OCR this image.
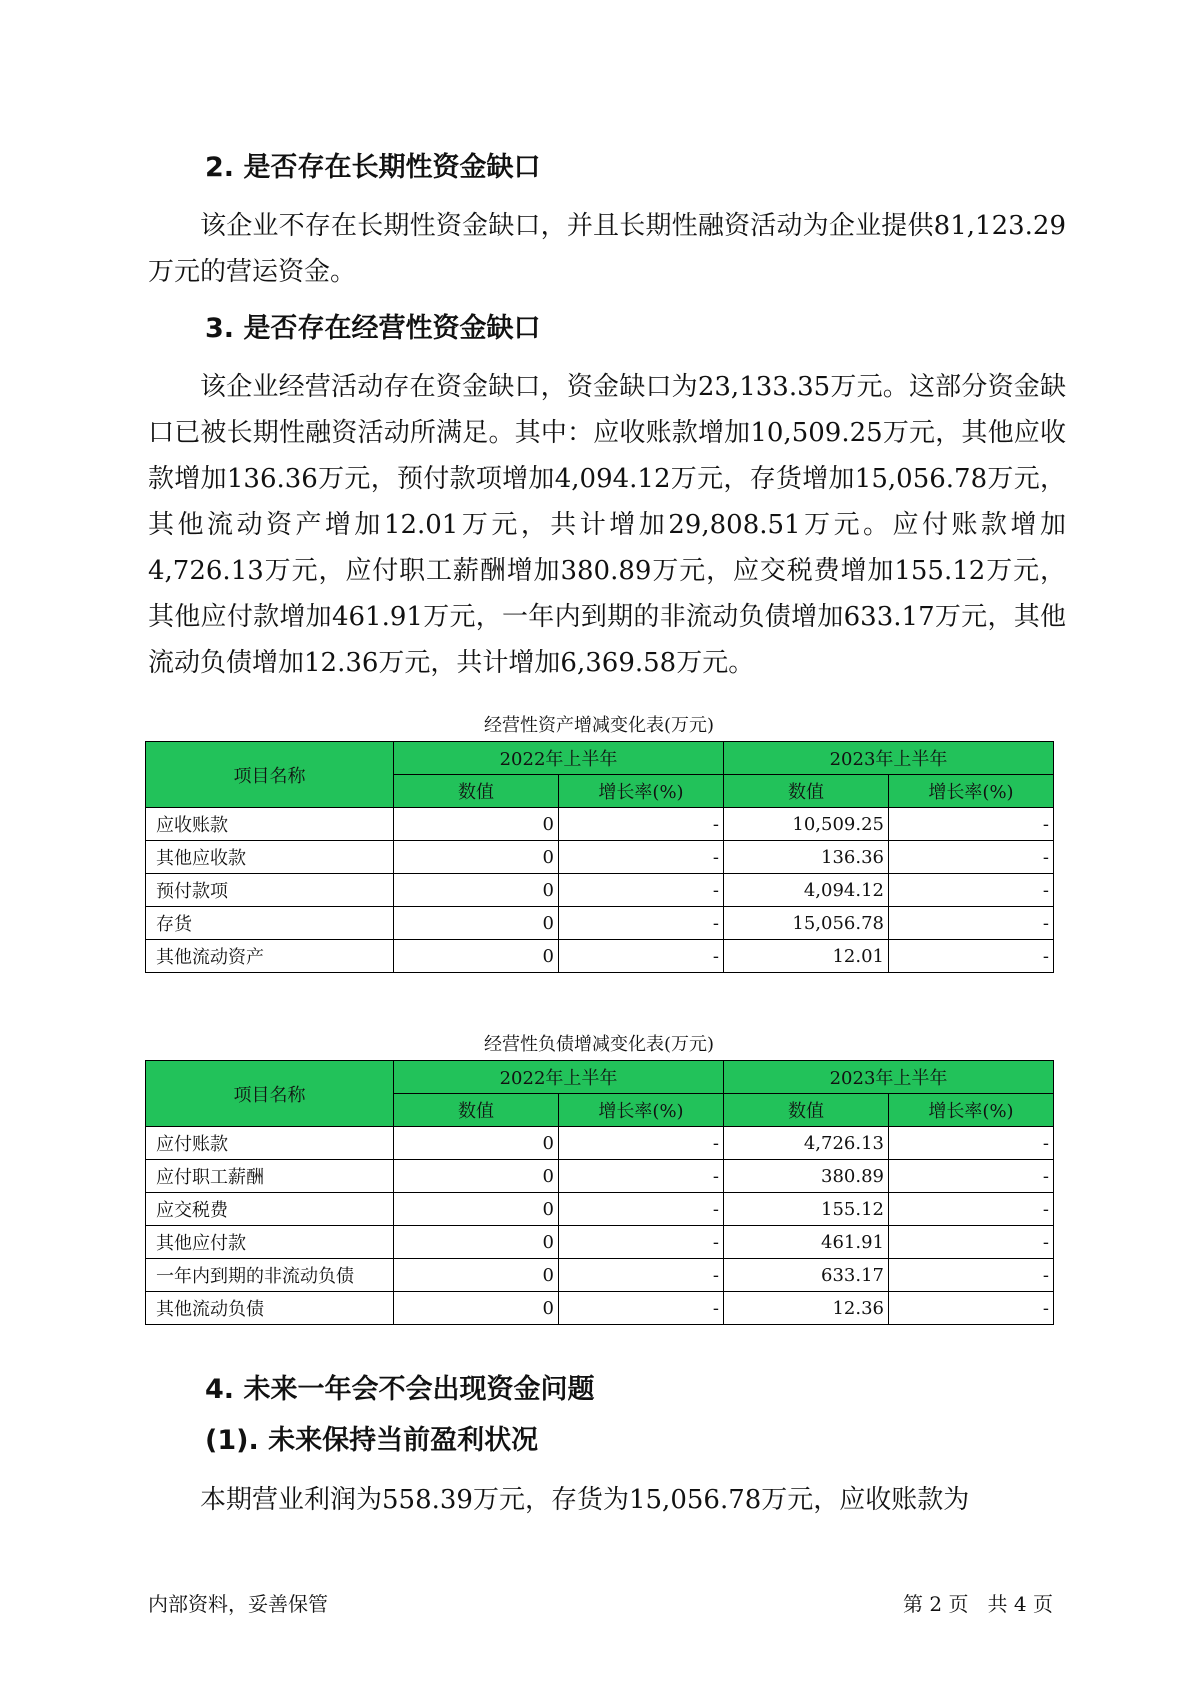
2. 是否存在长期性资金缺口

该企业不存在长期性资金缺口，并且长期性融资活动为企业提供81,123.29万元的营运资金。

3. 是否存在经营性资金缺口

该企业经营活动存在资金缺口，资金缺口为23,133.35万元。这部分资金缺口已被长期性融资活动所满足。其中：应收账款增加10,509.25万元，其他应收款增加136.36万元，预付款项增加4,094.12万元，存货增加15,056.78万元，其他流动资产增加12.01万元，共计增加29,808.51万元。应付账款增加4,726.13万元，应付职工薪酬增加380.89万元，应交税费增加155.12万元，其他应付款增加461.91万元，一年内到期的非流动负债增加633.17万元，其他流动负债增加12.36万元，共计增加6,369.58万元。

经营性资产增减变化表(万元)
项目名称	2022年上半年		2023年上半年	
	数值	增长率(%)	数值	增长率(%)
应收账款	0	-	10,509.25	-
其他应收款	0	-	136.36	-
预付款项	0	-	4,094.12	-
存货	0	-	15,056.78	-
其他流动资产	0	-	12.01	-
经营性负债增减变化表(万元)
项目名称	2022年上半年		2023年上半年	
	数值	增长率(%)	数值	增长率(%)
应付账款	0	-	4,726.13	-
应付职工薪酬	0	-	380.89	-
应交税费	0	-	155.12	-
其他应付款	0	-	461.91	-
一年内到期的非流动负债	0	-	633.17	-
其他流动负债	0	-	12.36	-
4. 未来一年会不会出现资金问题
(1). 未来保持当前盈利状况

本期营业利润为558.39万元，存货为15,056.78万元，应收账款为

内部资料，妥善保管	第 2 页   共 4 页
